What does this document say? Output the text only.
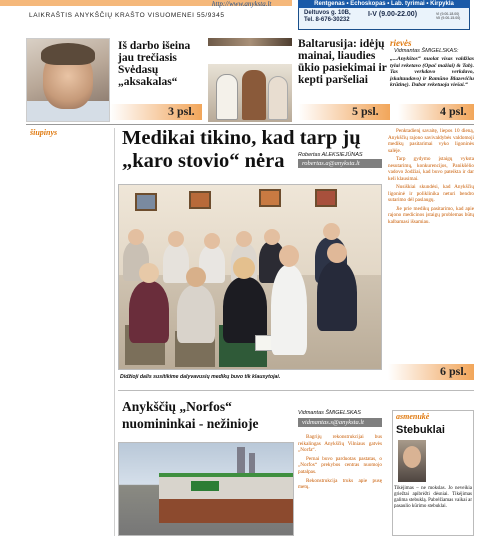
http://www.anyksta.lt
LAIKRAŠTIS ANYKŠČIŲ KRAŠTO VISUOMENEI 55/9345
Rentgenas • Echoskopas • Lab. tyrimai • Kirpykla
Deltuvos g. 10B,
Tel. 8-676-30232
I-V (9.00-22.00)	VI (9.00-18.00)
VII (9.00-15.00)
Iš darbo išeina jau trečiasis Svėdasų „aksakalas“
3 psl.
Baltarusija: idėjų mainai, liaudies ūkio pasiekimai ir kepti paršeliai
5 psl.
rievės
Vidmantas ŠMIGELSKAS:
„...Anykštos“ nuolat visas valdžias tylai reketavo (Opač mažiai) & Tab). Tas verkdavo verkdavo, įskaitaudavo) ir Ramūno Blazevičiu krūtinę). Dabar reketuoja viešai.“
4 psl.
šiupinys	Medikai tikino, kad tarp jų „karo stovio“ nėra	Robertas ALEKSIEJŪNAS
robertas.a@anyksta.lt
Didžioji dalis susitikime dalyvavusių medikų buvo tik klausytojai.

Penktadienį savaitę, liepos 10 dieną, Anykščių rajono savivaldybės valdomoji medikų pasitarimai vyko ligoninės salėje.

Tarp gydymo įstaigų vyksta nesutarimų, konkurencijos, Panikšėlio vadovo žodžiai, kad buvo pateikta ir dar keli klausimai.

Nusiškiai skundėsi, kad Anykščių ligoninė ir poliklinika neturi bendro sutarimo dėl paslaugų.

Jie prie medikų pasitarimo, kad apie rajono medicinos įstaigų problemas būtų kalbamasi išsamiau.

6 psl.
Anykščių „Norfos“ nuomininkai - nežinioje
Vidmantas ŠMIGELSKAS
vidmantas.s@anyksta.lt

Bagrijų rekonstrukcijai bus reikalingas Anykščių Vilniaus gatvės „Norfa“.

Pernai buvo parduotas pastatas, o „Norfos“ prekybos centras nuomojo patalpas.

Rekonstrukcija truks apie pusę metų.

asmenukė
Stebuklai
Tikėjimas – ne mokslas. Jo neveikia griežtai apibrėžti dėsniai. Tikėjimas galima stebuklą. Pabrėžiamas vaikai ar pasaulio kūrimo stebuklai.
